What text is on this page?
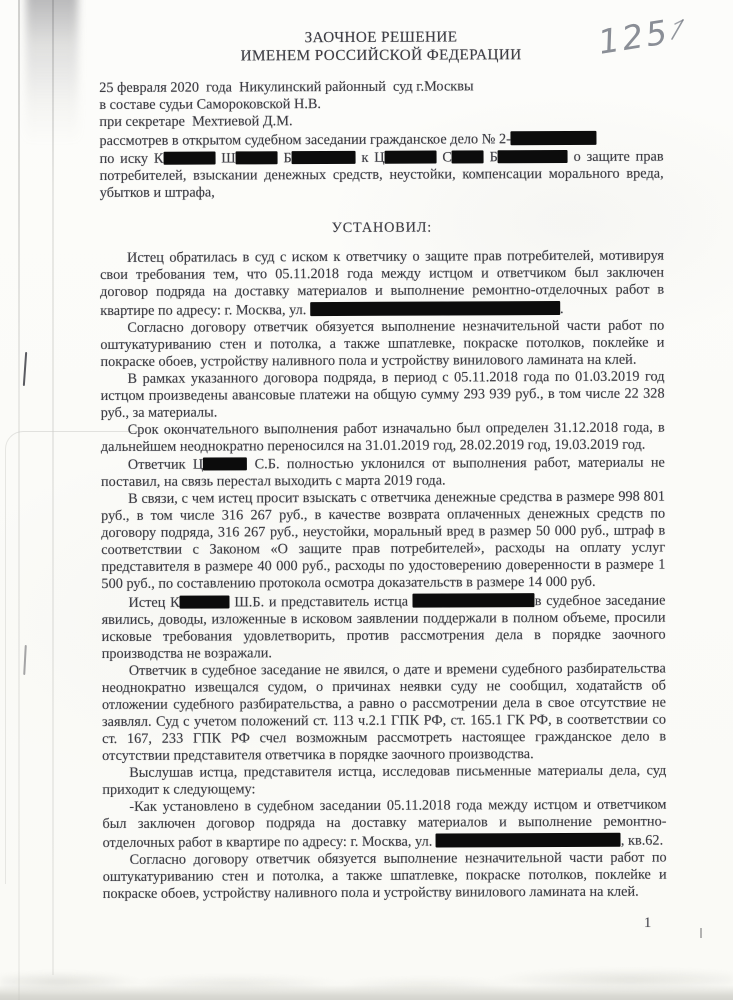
125
ЗАОЧНОЕ РЕШЕНИЕ
ИМЕНЕМ РОССИЙСКОЙ ФЕДЕРАЦИИ

25 февраля 2020  года  Никулинский районный  суд г.Москвы

в составе судьи Самороковской Н.В.

при секретаре  Мехтиевой Д.М.

рассмотрев в открытом судебном заседании гражданское дело № 2-

по иску К	Ш	Б	к Ц	С Б	о защите прав потребителей, взыскании денежных средств, неустойки, компенсации морального вреда, убытков и штрафа,

УСТАНОВИЛ:

Истец обратилась в суд с иском к ответчику о защите прав потребителей, мотивируя свои требования тем, что 05.11.2018 года между истцом и ответчиком был заключен договор подряда на доставку материалов и выполнение ремонтно-отделочных работ в квартире по адресу: г. Москва, ул.	.

Согласно договору ответчик обязуется выполнение незначительной части работ по оштукатуриванию стен и потолка, а также шпатлевке, покраске потолков, поклейке и покраске обоев, устройству наливного пола и устройству винилового ламината на клей.

В рамках указанного договора подряда, в период с 05.11.2018 года по 01.03.2019 год истцом произведены авансовые платежи на общую сумму 293 939 руб., в том числе 22 328 руб., за материалы.

Срок окончательного выполнения работ изначально был определен 31.12.2018 года, в дальнейшем неоднократно переносился на 31.01.2019 год, 28.02.2019 год, 19.03.2019 год.

Ответчик Ц	С.Б. полностью уклонился от выполнения работ, материалы не поставил, на связь перестал выходить с марта 2019 года.

В связи, с чем истец просит взыскать с ответчика денежные средства в размере 998 801 руб., в том числе 316 267 руб., в качестве возврата оплаченных денежных средств по договору подряда, 316 267 руб., неустойки, моральный вред в размер 50 000 руб., штраф в соответствии с Законом «О защите прав потребителей», расходы на оплату услуг представителя в размере 40 000 руб., расходы по удостоверению доверенности в размере 1 500 руб., по составлению протокола осмотра доказательств в размере 14 000 руб.

Истец К	Ш.Б. и представитель истца	в судебное заседание явились, доводы, изложенные в исковом заявлении поддержали в полном объеме, просили исковые требования удовлетворить, против рассмотрения дела в порядке заочного производства не возражали.

Ответчик в судебное заседание не явился, о дате и времени судебного разбирательства неоднократно извещался судом, о причинах неявки суду не сообщил, ходатайств об отложении судебного разбирательства, а равно о рассмотрении дела в свое отсутствие не заявлял. Суд с учетом положений ст. 113 ч.2.1 ГПК РФ, ст. 165.1 ГК РФ, в соответствии со ст. 167, 233 ГПК РФ счел возможным рассмотреть настоящее гражданское дело в отсутствии представителя ответчика в порядке заочного производства.

Выслушав истца, представителя истца, исследовав письменные материалы дела, суд приходит к следующему:

-Как установлено в судебном заседании 05.11.2018 года между истцом и ответчиком был заключен договор подряда на доставку материалов и выполнение ремонтно-отделочных работ в квартире по адресу: г. Москва, ул.	, кв.62.

Согласно договору ответчик обязуется выполнение незначительной части работ по оштукатуриванию стен и потолка, а также шпатлевке, покраске потолков, поклейке и покраске обоев, устройству наливного пола и устройству винилового ламината на клей.

1
